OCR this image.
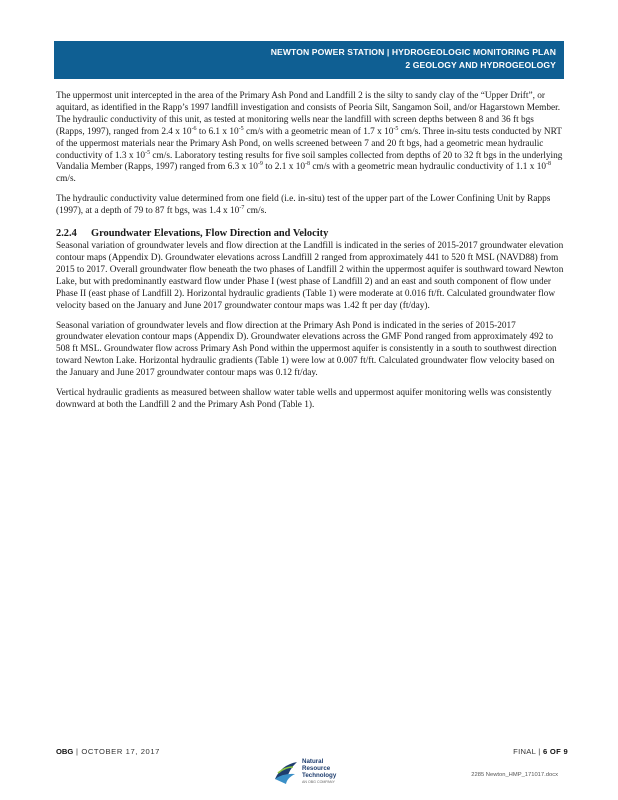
NEWTON POWER STATION | HYDROGEOLOGIC MONITORING PLAN
2 GEOLOGY AND HYDROGEOLOGY

The uppermost unit intercepted in the area of the Primary Ash Pond and Landfill 2 is the silty to sandy clay of the “Upper Drift”, or aquitard, as identified in the Rapp’s 1997 landfill investigation and consists of Peoria Silt, Sangamon Soil, and/or Hagarstown Member. The hydraulic conductivity of this unit, as tested at monitoring wells near the landfill with screen depths between 8 and 36 ft bgs (Rapps, 1997), ranged from 2.4 x $10^{-6}$ to 6.1 x $10^{-5}$ cm/s with a geometric mean of 1.7 x $10^{-5}$ cm/s. Three in-situ tests conducted by NRT of the uppermost materials near the Primary Ash Pond, on wells screened between 7 and 20 ft bgs, had a geometric mean hydraulic conductivity of 1.3 x $10^{-5}$ cm/s. Laboratory testing results for five soil samples collected from depths of 20 to 32 ft bgs in the underlying Vandalia Member (Rapps, 1997) ranged from 6.3 x $10^{-9}$ to 2.1 x $10^{-8}$ cm/s with a geometric mean hydraulic conductivity of 1.1 x $10^{-8}$ cm/s.

The hydraulic conductivity value determined from one field (i.e. in-situ) test of the upper part of the Lower Confining Unit by Rapps (1997), at a depth of 79 to 87 ft bgs, was 1.4 x $10^{-7}$ cm/s.

2.2.4 Groundwater Elevations, Flow Direction and Velocity

Seasonal variation of groundwater levels and flow direction at the Landfill is indicated in the series of 2015-2017 groundwater elevation contour maps (Appendix D). Groundwater elevations across Landfill 2 ranged from approximately 441 to 520 ft MSL (NAVD88) from 2015 to 2017. Overall groundwater flow beneath the two phases of Landfill 2 within the uppermost aquifer is southward toward Newton Lake, but with predominantly eastward flow under Phase I (west phase of Landfill 2) and an east and south component of flow under Phase II (east phase of Landfill 2). Horizontal hydraulic gradients (Table 1) were moderate at 0.016 ft/ft. Calculated groundwater flow velocity based on the January and June 2017 groundwater contour maps was 1.42 ft per day (ft/day).

Seasonal variation of groundwater levels and flow direction at the Primary Ash Pond is indicated in the series of 2015-2017 groundwater elevation contour maps (Appendix D). Groundwater elevations across the GMF Pond ranged from approximately 492 to 508 ft MSL. Groundwater flow across Primary Ash Pond within the uppermost aquifer is consistently in a south to southwest direction toward Newton Lake. Horizontal hydraulic gradients (Table 1) were low at 0.007 ft/ft. Calculated groundwater flow velocity based on the January and June 2017 groundwater contour maps was 0.12 ft/day.

Vertical hydraulic gradients as measured between shallow water table wells and uppermost aquifer monitoring wells was consistently downward at both the Landfill 2 and the Primary Ash Pond (Table 1).

OBG | OCTOBER 17, 2017	FINAL | 6 OF 9
Natural
Resource
Technology
AN OBG COMPANY
2285 Newton_HMP_171017.docx
